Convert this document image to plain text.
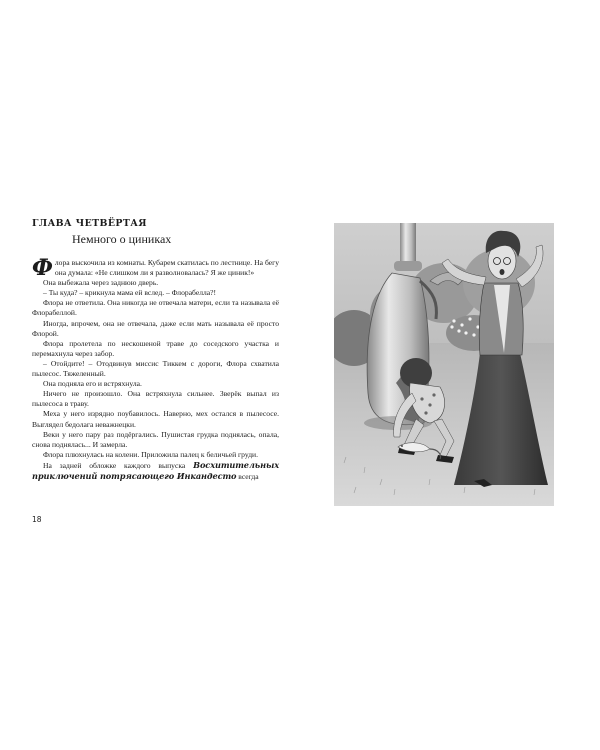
ГЛАВА ЧЕТВЁРТАЯ
Немного о циниках

Флора выскочила из комнаты. Кубарем скатилась по лестнице. На бегу она думала: «Не слишком ли я разволновалась? Я же циник!»

Она выбежала через заднюю дверь.

– Ты куда? – крикнула мама ей вслед. – Флорабелла?!

Флора не ответила. Она никогда не отвечала матери, если та называла её Флорабеллой.

Иногда, впрочем, она не отвечала, даже если мать называла её просто Флорой.

Флора пролетела по нескошеной траве до соседского участка и перемахнула через забор.

– Отойдите! – Отодвинув миссис Тиккем с дороги, Флора схватила пылесос. Тяжеленный.

Она подняла его и встряхнула.

Ничего не произошло. Она встряхнула сильнее. Зверёк выпал из пылесоса в траву.

Меха у него изрядно поубавилось. Наверно, мех остался в пылесосе. Выглядел бедолага неважнецки.

Веки у него пару раз подёргались. Пушистая грудка поднялась, опала, снова поднялась... И замерла.

Флора плюхнулась на колени. Приложила палец к беличьей груди.

На задней обложке каждого выпуска Восхитительных приключений потрясающего Инкандесто всегда

18
